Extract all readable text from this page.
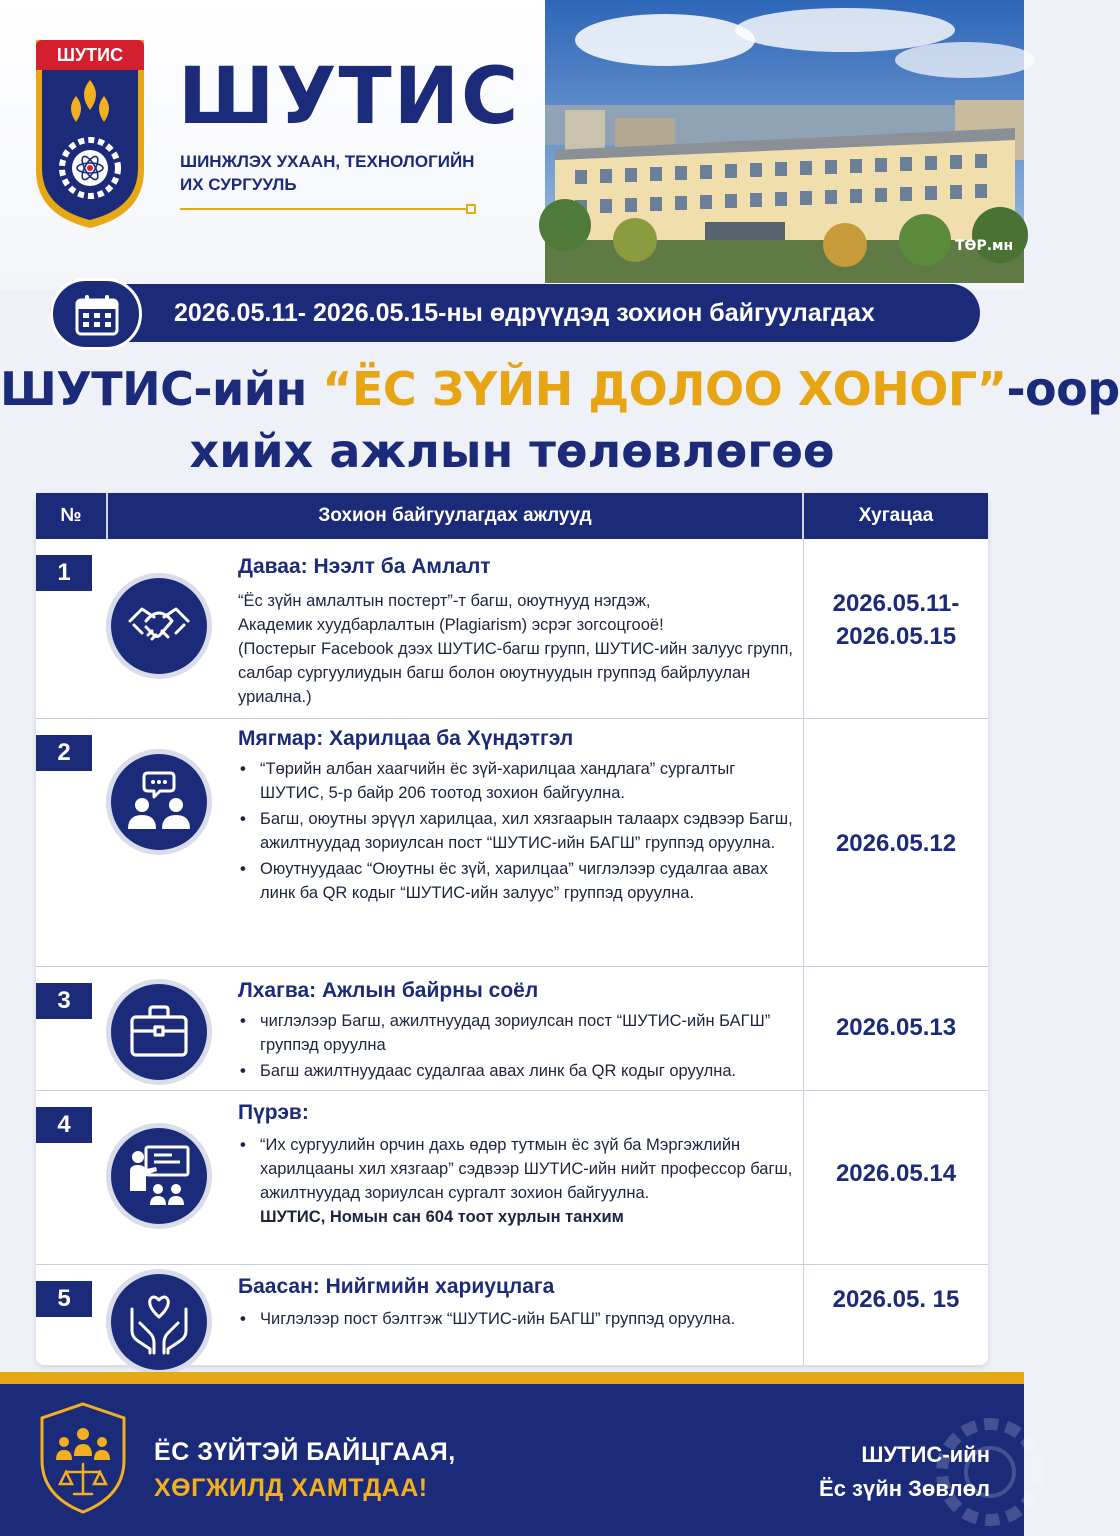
ШУТИС ШУТИС
ШИНЖЛЭХ УХААН, ТЕХНОЛОГИЙН
ИХ СУРГУУЛЬ
ТӨР.мн
2026.05.11- 2026.05.15-ны өдрүүдэд зохион байгуулагдах
ШУТИС-ийн “ЁС ЗҮЙН ДОЛОО ХОНОГ”-оор
хийх ажлын төлөвлөгөө
№	Зохион байгуулагдах ажлууд	Хугацаа
1	Даваа: Нээлт ба Амлалт
“Ёс зүйн амлалтын постерт”-т багш, оюутнууд нэгдэж,
Академик хуудбарлалтын (Plagiarism) эсрэг зогсоцгооё!
(Постерыг Facebook дээх ШУТИС-багш групп, ШУТИС-ийн залуус групп, салбар сургуулиудын багш болон оюутнуудын группэд байрлуулан уриална.)
2026.05.11-
2026.05.15
2
Мягмар: Харилцаа ба Хүндэтгэл
• “Төрийн албан хаагчийн ёс зүй-харилцаа хандлага” сургалтыг ШУТИС, 5-р байр 206 тоотод зохион байгуулна.
• Багш, оюутны эрүүл харилцаа, хил хязгаарын талаарх сэдвээр Багш, ажилтнуудад зориулсан пост “ШУТИС-ийн БАГШ” группэд оруулна.
• Оюутнуудаас “Оюутны ёс зүй, харилцаа” чиглэлээр судалгаа авах линк ба QR кодыг “ШУТИС-ийн залуус” группэд оруулна.
2026.05.12
3	Лхагва: Ажлын байрны соёл
• чиглэлээр Багш, ажилтнуудад зориулсан пост “ШУТИС-ийн БАГШ” группэд оруулна
• Багш ажилтнуудаас судалгаа авах линк ба QR кодыг оруулна.
2026.05.13
4	Пүрэв:
• “Их сургуулийн орчин дахь өдөр тутмын ёс зүй ба Мэргэжлийн харилцааны хил хязгаар” сэдвээр ШУТИС-ийн нийт профессор багш, ажилтнуудад зориулсан сургалт зохион байгуулна.
ШУТИС, Номын сан 604 тоот хурлын танхим
2026.05.14
5	Баасан: Нийгмийн хариуцлага
• Чиглэлээр пост бэлтгэж “ШУТИС-ийн БАГШ” группэд оруулна.
2026.05. 15
ЁС ЗҮЙТЭЙ БАЙЦГААЯ,
ХӨГЖИЛД ХАМТДАА!
ШУТИС-ийн
Ёс зүйн Зөвлөл
